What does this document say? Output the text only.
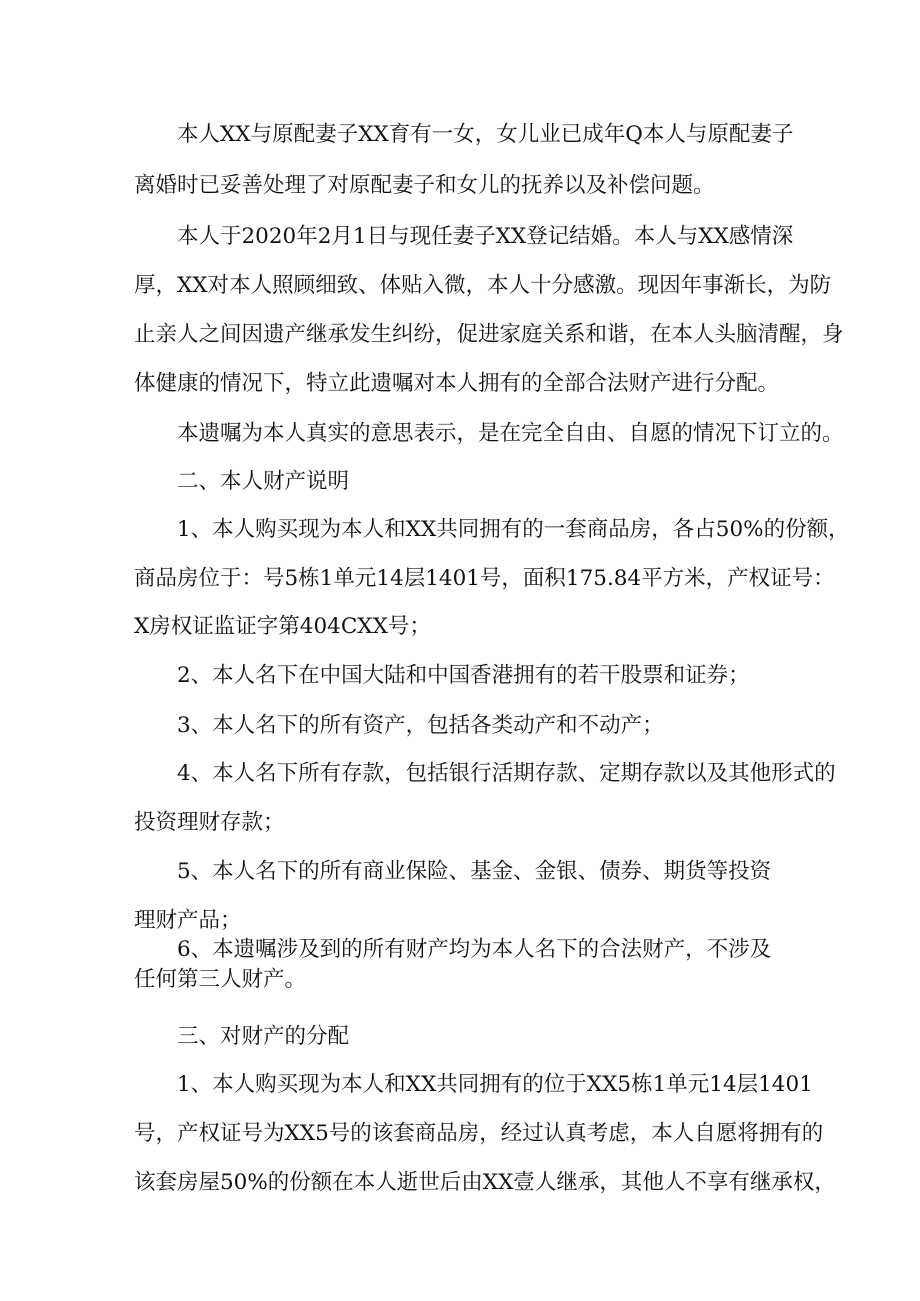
本人XX与原配妻子XX育有一女，女儿业已成年Q本人与原配妻子
离婚时已妥善处理了对原配妻子和女儿的抚养以及补偿问题。
本人于2020年2月1日与现任妻子XX登记结婚。本人与XX感情深
厚，XX对本人照顾细致、体贴入微，本人十分感激。现因年事渐长，为防
止亲人之间因遗产继承发生纠纷，促进家庭关系和谐，在本人头脑清醒，身
体健康的情况下，特立此遗嘱对本人拥有的全部合法财产进行分配。
本遗嘱为本人真实的意思表示，是在完全自由、自愿的情况下订立的。
二、本人财产说明
1、本人购买现为本人和XX共同拥有的一套商品房，各占50%的份额，
商品房位于：号5栋1单元14层1401号，面积175.84平方米，产权证号：
X房权证监证字第404CXX号；
2、本人名下在中国大陆和中国香港拥有的若干股票和证券；
3、本人名下的所有资产，包括各类动产和不动产；
4、本人名下所有存款，包括银行活期存款、定期存款以及其他形式的
投资理财存款；
5、本人名下的所有商业保险、基金、金银、债券、期货等投资
理财产品；
6、本遗嘱涉及到的所有财产均为本人名下的合法财产，不涉及
任何第三人财产。
三、对财产的分配
1、本人购买现为本人和XX共同拥有的位于XX5栋1单元14层1401
号，产权证号为XX5号的该套商品房，经过认真考虑，本人自愿将拥有的
该套房屋50%的份额在本人逝世后由XX壹人继承，其他人不享有继承权，
